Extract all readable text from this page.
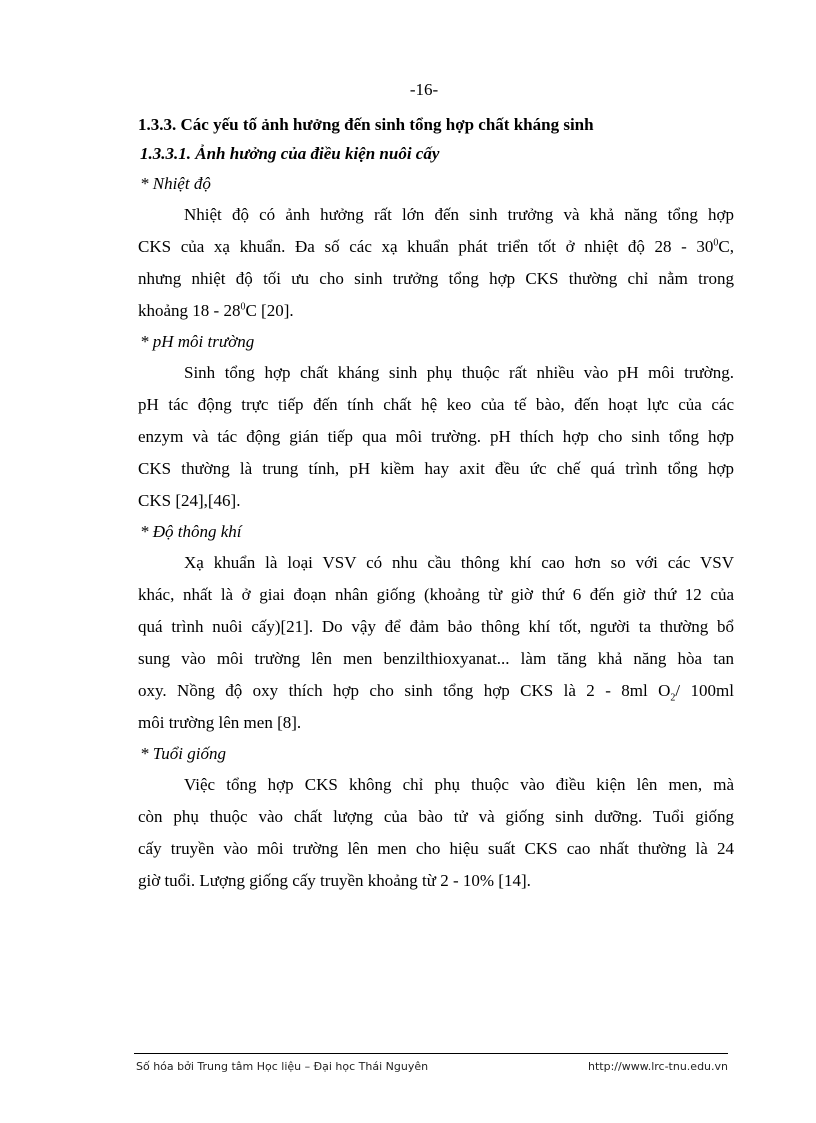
-16-

1.3.3. Các yếu tố ảnh hưởng đến sinh tổng hợp chất kháng sinh

1.3.3.1. Ảnh hưởng của điều kiện nuôi cấy

* Nhiệt độ

Nhiệt độ có ảnh hưởng rất lớn đến sinh trưởng và khả năng tổng hợp
CKS của xạ khuẩn. Đa số các xạ khuẩn phát triển tốt ở nhiệt độ $28 - 30^0C$,
nhưng nhiệt độ tối ưu cho sinh trưởng tổng hợp CKS thường chỉ nằm trong
khoảng $18 - 28^0C$ [20].

* pH môi trường

Sinh tổng hợp chất kháng sinh phụ thuộc rất nhiều vào pH môi trường.
pH tác động trực tiếp đến tính chất hệ keo của tế bào, đến hoạt lực của các
enzym và tác động gián tiếp qua môi trường. pH thích hợp cho sinh tổng hợp
CKS thường là trung tính, pH kiềm hay axit đều ức chế quá trình tổng hợp
CKS [24],[46].

* Độ thông khí

Xạ khuẩn là loại VSV có nhu cầu thông khí cao hơn so với các VSV
khác, nhất là ở giai đoạn nhân giống (khoảng từ giờ thứ 6 đến giờ thứ 12 của
quá trình nuôi cấy)[21]. Do vậy để đảm bảo thông khí tốt, người ta thường bổ
sung vào môi trường lên men benzilthioxyanat... làm tăng khả năng hòa tan
oxy. Nồng độ oxy thích hợp cho sinh tổng hợp CKS là 2 - 8ml $O_2/$ 100ml
môi trường lên men [8].

* Tuổi giống

Việc tổng hợp CKS không chỉ phụ thuộc vào điều kiện lên men, mà
còn phụ thuộc vào chất lượng của bào tử và giống sinh dưỡng. Tuổi giống
cấy truyền vào môi trường lên men cho hiệu suất CKS cao nhất thường là 24
giờ tuổi. Lượng giống cấy truyền khoảng từ 2 - 10% [14].
Số hóa bởi Trung tâm Học liệu – Đại học Thái Nguyên	http://www.lrc-tnu.edu.vn
